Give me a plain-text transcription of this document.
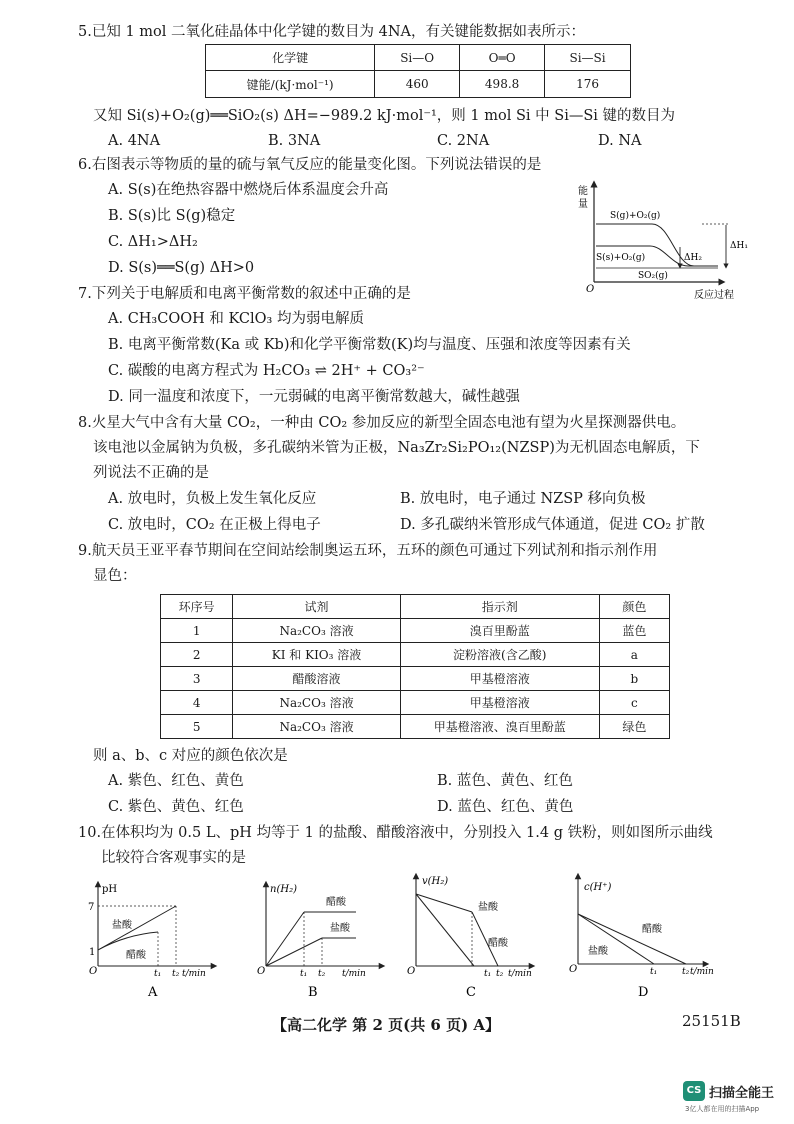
5.已知 1 mol 二氧化硅晶体中化学键的数目为 4NA，有关键能数据如表所示：
化学键	Si—O	O═O	Si—Si
键能/(kJ·mol⁻¹)	460	498.8	176
又知 Si(s)+O₂(g)══SiO₂(s) ΔH=−989.2 kJ·mol⁻¹，则 1 mol Si 中 Si—Si 键的数目为
A. 4NA	B. 3NA	C. 2NA	D. NA
6.右图表示等物质的量的硫与氧气反应的能量变化图。下列说法错误的是
A. S(s)在绝热容器中燃烧后体系温度会升高
B. S(s)比 S(g)稳定
C. ΔH₁>ΔH₂
D. S(s)══S(g) ΔH>0
能
量
O
反应过程
S(g)+O₂(g)
S(s)+O₂(g)
SO₂(g)
ΔH₁
ΔH₂
7.下列关于电解质和电离平衡常数的叙述中正确的是
A. CH₃COOH 和 KClO₃ 均为弱电解质
B. 电离平衡常数(Ka 或 Kb)和化学平衡常数(K)均与温度、压强和浓度等因素有关
C. 碳酸的电离方程式为 H₂CO₃ ⇌ 2H⁺ + CO₃²⁻
D. 同一温度和浓度下，一元弱碱的电离平衡常数越大，碱性越强
8.火星大气中含有大量 CO₂，一种由 CO₂ 参加反应的新型全固态电池有望为火星探测器供电。
该电池以金属钠为负极，多孔碳纳米管为正极，Na₃Zr₂Si₂PO₁₂(NZSP)为无机固态电解质，下
列说法不正确的是
A. 放电时，负极上发生氧化反应	B. 放电时，电子通过 NZSP 移向负极
C. 放电时，CO₂ 在正极上得电子	D. 多孔碳纳米管形成气体通道，促进 CO₂ 扩散
9.航天员王亚平春节期间在空间站绘制奥运五环，五环的颜色可通过下列试剂和指示剂作用
显色：
环序号	试剂	指示剂	颜色
1	Na₂CO₃ 溶液	溴百里酚蓝	蓝色
2	KI 和 KIO₃ 溶液	淀粉溶液(含乙酸)	a
3	醋酸溶液	甲基橙溶液	b
4	Na₂CO₃ 溶液	甲基橙溶液	c
5	Na₂CO₃ 溶液	甲基橙溶液、溴百里酚蓝	绿色
则 a、b、c 对应的颜色依次是
A. 紫色、红色、黄色	B. 蓝色、黄色、红色
C. 紫色、黄色、红色	D. 蓝色、红色、黄色
10.在体积均为 0.5 L、pH 均等于 1 的盐酸、醋酸溶液中，分别投入 1.4 g 铁粉，则如图所示曲线
比较符合客观事实的是
pH
7
1
O
盐酸
醋酸
t₁ t₂ t/min
A
n(H₂)
O
醋酸
盐酸
t₁ t₂ t/min
B
v(H₂)
O
盐酸
醋酸
t₁ t₂ t/min
C
c(H⁺)
O
醋酸
盐酸
t₁	t₂ t/min
D
【高二化学 第 2 页(共 6 页) A】	25151B
CS 扫描全能王
3亿人都在用的扫描App
